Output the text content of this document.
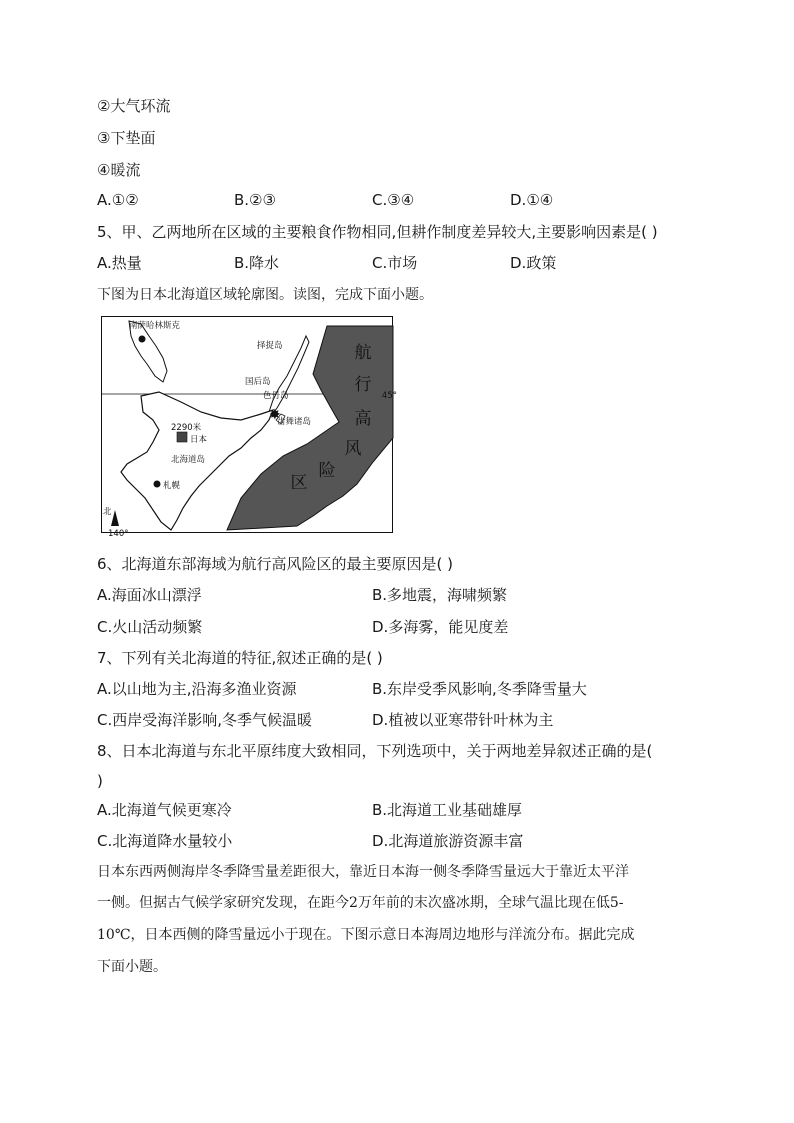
②大气环流
③下垫面
④暖流
A.①②	B.②③	C.③④	D.①④
5、甲、乙两地所在区域的主要粮食作物相同,但耕作制度差异较大,主要影响因素是( )
A.热量	B.降水	C.市场	D.政策
下图为日本北海道区域轮廓图。读图，完成下面小题。
✸
南萨哈林斯克
择捉岛
国后岛
色丹岛
齿舞诸岛
2290米
日本
北海道岛
札幌
45°
140°
北
航
行
高
风
险
区
6、北海道东部海域为航行高风险区的最主要原因是( )
A.海面冰山漂浮	B.多地震，海啸频繁
C.火山活动频繁	D.多海雾，能见度差
7、下列有关北海道的特征,叙述正确的是( )
A.以山地为主,沿海多渔业资源	B.东岸受季风影响,冬季降雪量大
C.西岸受海洋影响,冬季气候温暖	D.植被以亚寒带针叶林为主
8、日本北海道与东北平原纬度大致相同，下列选项中，关于两地差异叙述正确的是(
)
A.北海道气候更寒冷	B.北海道工业基础雄厚
C.北海道降水量较小	D.北海道旅游资源丰富
日本东西两侧海岸冬季降雪量差距很大，靠近日本海一侧冬季降雪量远大于靠近太平洋
一侧。但据古气候学家研究发现，在距今2万年前的末次盛冰期，全球气温比现在低5-
10℃，日本西侧的降雪量远小于现在。下图示意日本海周边地形与洋流分布。据此完成
下面小题。
